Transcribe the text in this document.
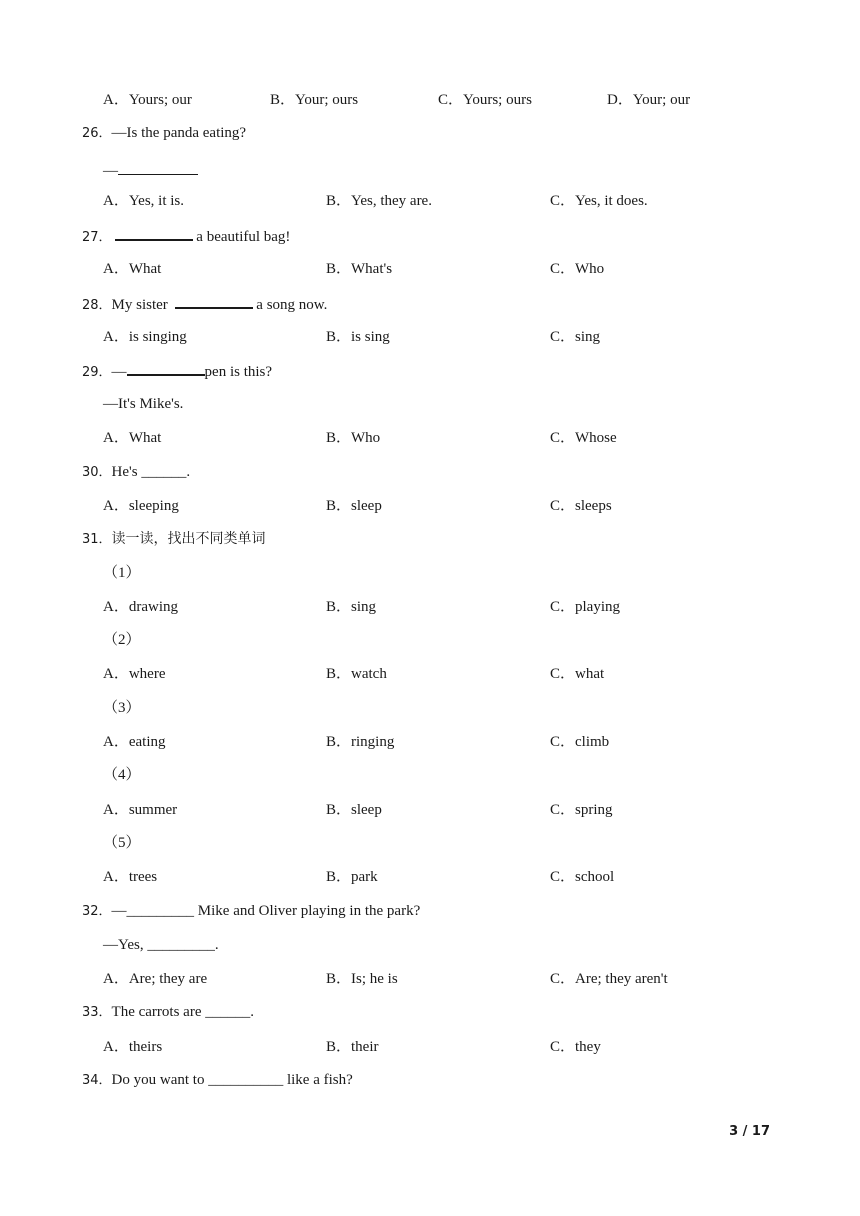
A．Yours; our	B．Your; ours	C．Yours; ours	D．Your; our
26．—Is the panda eating?
—
A．Yes, it is.	B．Yes, they are.	C．Yes, it does.
27．	a beautiful bag!
A．What	B．What's	C．Who
28．My sister	a song now.
A．is singing	B．is sing	C．sing
29．—	pen is this?
—It's Mike's.
A．What	B．Who	C．Whose
30．He's ______.
A．sleeping	B．sleep	C．sleeps
31．读一读，找出不同类单词
（1）
A．drawing	B．sing	C．playing
（2）
A．where	B．watch	C．what
（3）
A．eating	B．ringing	C．climb
（4）
A．summer	B．sleep	C．spring
（5）
A．trees	B．park	C．school
32．—_________ Mike and Oliver playing in the park?
—Yes, _________.
A．Are; they are	B．Is; he is	C．Are; they aren't
33．The carrots are ______.
A．theirs	B．their	C．they
34．Do you want to __________ like a fish?
3 / 17
